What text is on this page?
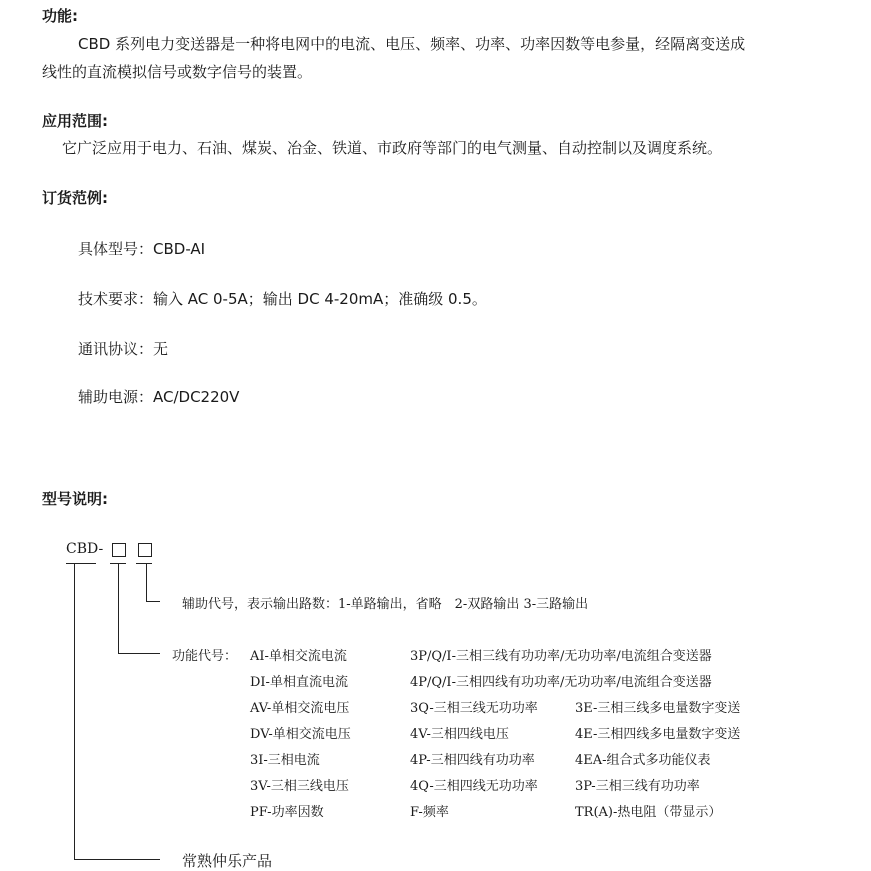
功能:
CBD 系列电力变送器是一种将电网中的电流、电压、频率、功率、功率因数等电参量，经隔离变送成
线性的直流模拟信号或数字信号的装置。
应用范围:
它广泛应用于电力、石油、煤炭、冶金、铁道、市政府等部门的电气测量、自动控制以及调度系统。
订货范例:
具体型号：CBD-AI
技术要求：输入 AC 0-5A；输出 DC 4-20mA；准确级 0.5。
通讯协议：无
辅助电源：AC/DC220V
型号说明:
CBD-
辅助代号，表示输出路数：1-单路输出，省略　2-双路输出 3-三路输出
功能代号： AI-单相交流电流	3P/Q/I-三相三线有功功率/无功功率/电流组合变送器
DI-单相直流电流	4P/Q/I-三相四线有功功率/无功功率/电流组合变送器
AV-单相交流电压	3Q-三相三线无功功率	3E-三相三线多电量数字变送
DV-单相交流电压	4V-三相四线电压	4E-三相四线多电量数字变送
3I-三相电流	4P-三相四线有功功率	4EA-组合式多功能仪表
3V-三相三线电压	4Q-三相四线无功功率	3P-三相三线有功功率
PF-功率因数	F-频率	TR(A)-热电阻（带显示）
常熟仲乐产品
